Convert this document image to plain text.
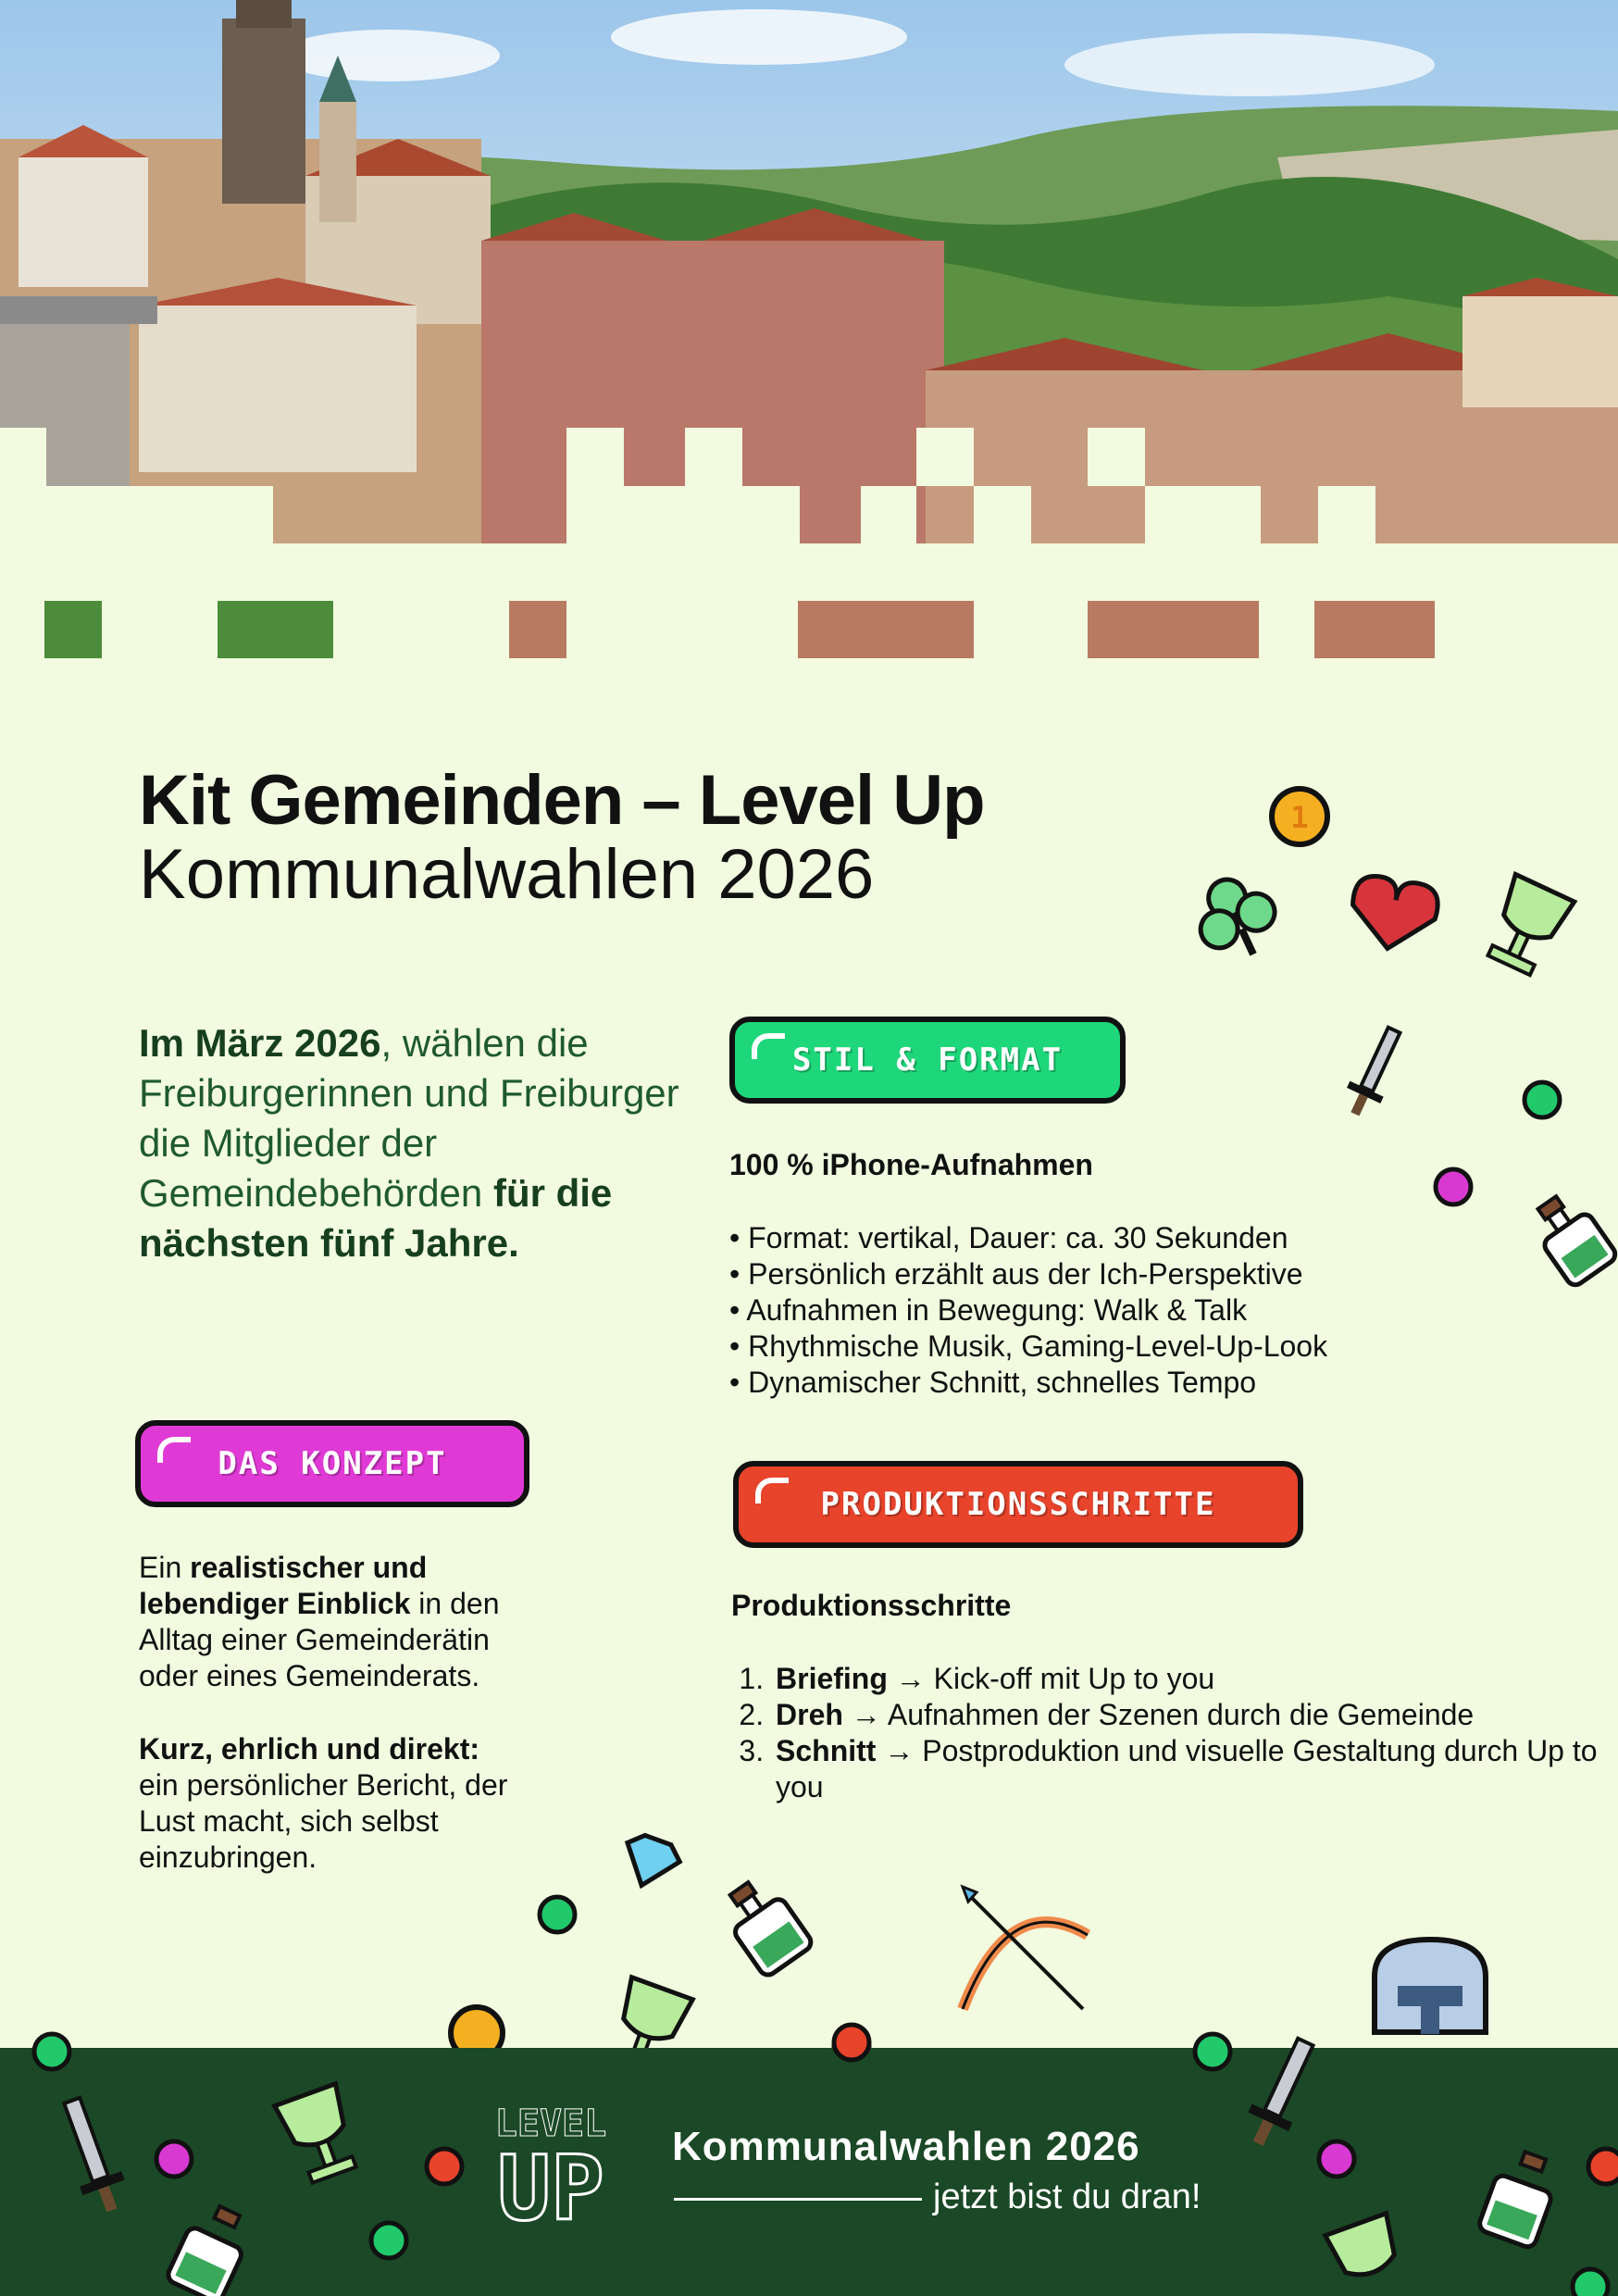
Kit Gemeinden – Level Up
Kommunalwahlen 2026
Im März 2026, wählen die Freiburgerinnen und Freiburger die Mitglieder der Gemeindebehörden für die nächsten fünf Jahre.
STIL & FORMAT
100 % iPhone-Aufnahmen
• Format: vertikal, Dauer: ca. 30 Sekunden
• Persönlich erzählt aus der Ich-Perspektive
• Aufnahmen in Bewegung: Walk & Talk
• Rhythmische Musik, Gaming-Level-Up-Look
• Dynamischer Schnitt, schnelles Tempo
DAS KONZEPT
Ein realistischer und lebendiger Einblick in den Alltag einer Gemeinderätin oder eines Gemeinderats.
Kurz, ehrlich und direkt:
ein persönlicher Bericht, der Lust macht, sich selbst einzubringen.
PRODUKTIONSSCHRITTE
Produktionsschritte
1. Briefing → Kick-off mit Up to you
2. Dreh → Aufnahmen der Szenen durch die Gemeinde
3. Schnitt → Postproduktion und visuelle Gestaltung durch Up to you
1
LEVEL
UP	Kommunalwahlen 2026
jetzt bist du dran!
